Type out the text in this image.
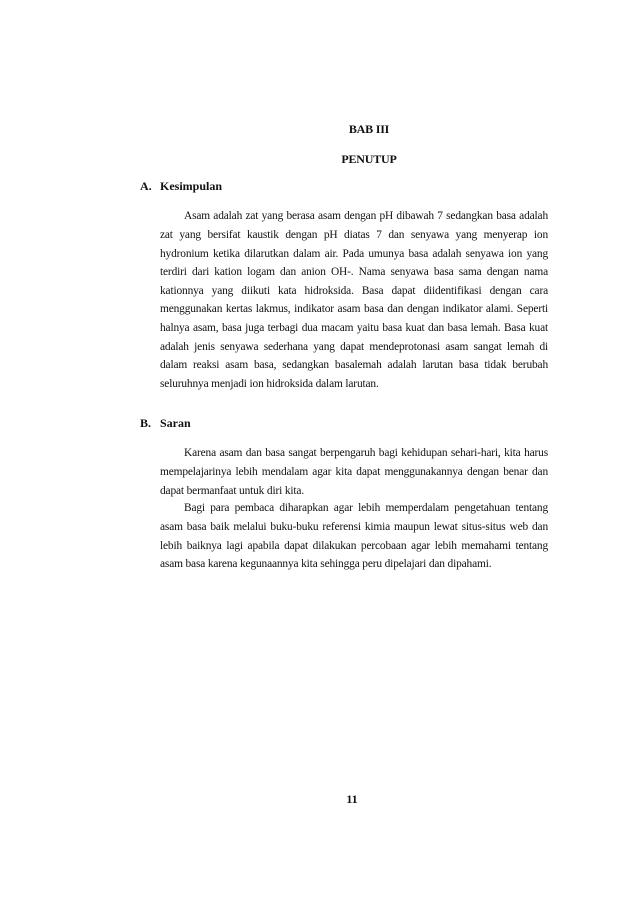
BAB III
PENUTUP
A. Kesimpulan

Asam adalah zat yang berasa asam dengan pH dibawah 7 sedangkan basa adalah zat yang bersifat kaustik dengan pH diatas 7 dan senyawa yang menyerap ion hydronium ketika dilarutkan dalam air. Pada umunya basa adalah senyawa ion yang terdiri dari kation logam dan anion OH-. Nama senyawa basa sama dengan nama kationnya yang diikuti kata hidroksida. Basa dapat diidentifikasi dengan cara menggunakan kertas lakmus, indikator asam basa dan dengan indikator alami. Seperti halnya asam, basa juga terbagi dua macam yaitu basa kuat dan basa lemah. Basa kuat adalah jenis senyawa sederhana yang dapat mendeprotonasi asam sangat lemah di dalam reaksi asam basa, sedangkan basalemah adalah larutan basa tidak berubah seluruhnya menjadi ion hidroksida dalam larutan.

B. Saran

Karena asam dan basa sangat berpengaruh bagi kehidupan sehari-hari, kita harus mempelajarinya lebih mendalam agar kita dapat menggunakannya dengan benar dan dapat bermanfaat untuk diri kita.

Bagi para pembaca diharapkan agar lebih memperdalam pengetahuan tentang asam basa baik melalui buku-buku referensi kimia maupun lewat situs-situs web dan lebih baiknya lagi apabila dapat dilakukan percobaan agar lebih memahami tentang asam basa karena kegunaannya kita sehingga peru dipelajari dan dipahami.

11
